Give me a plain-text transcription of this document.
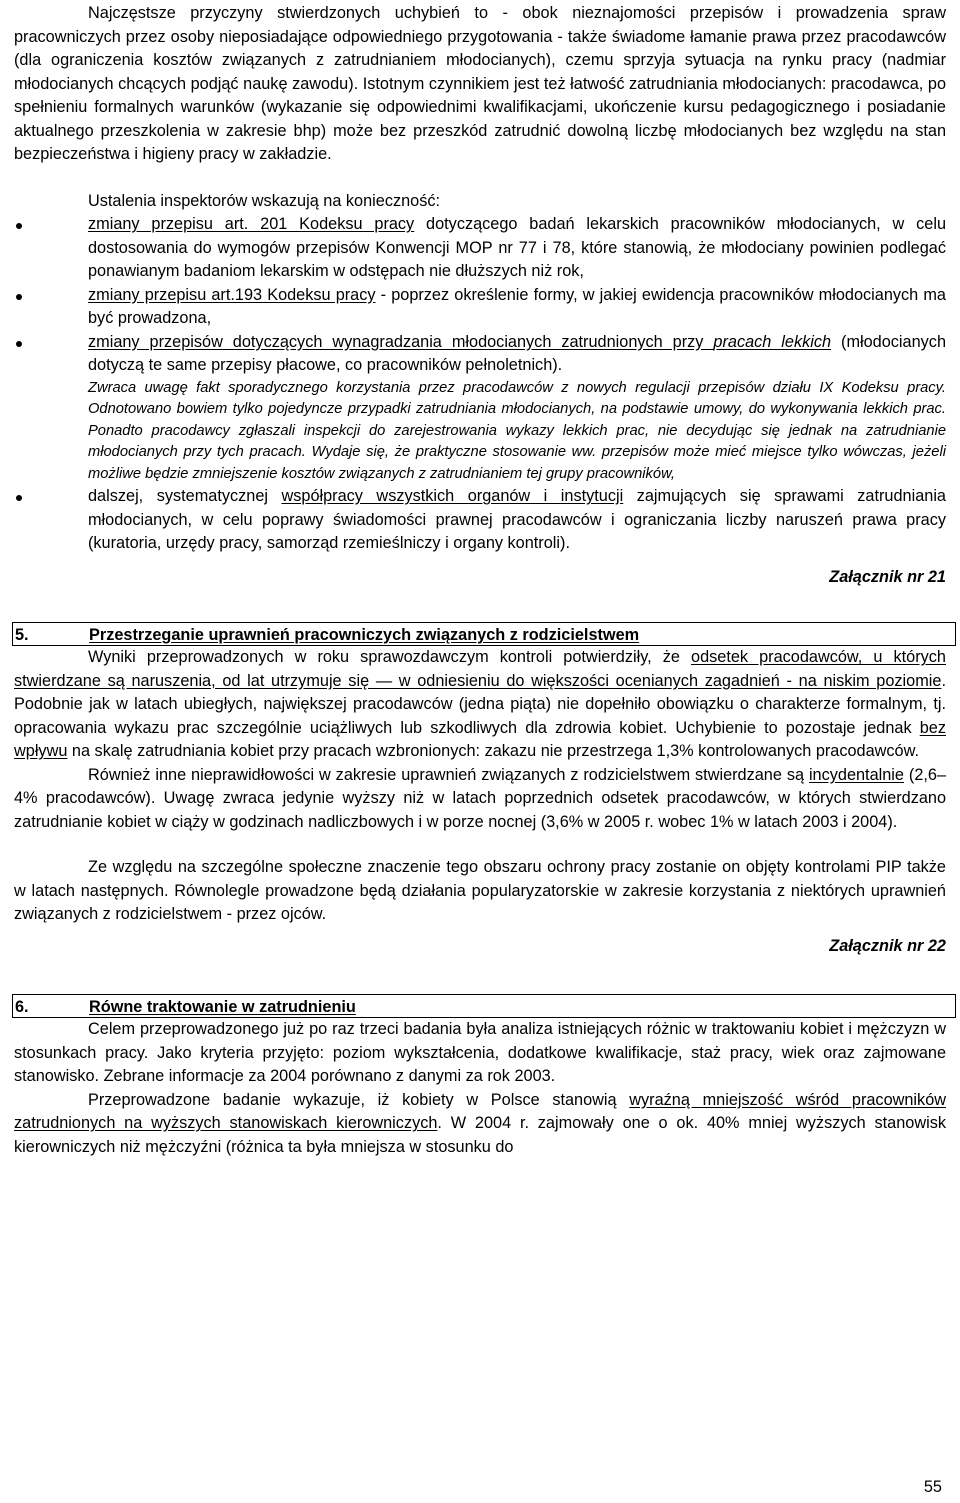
Najczęstsze przyczyny stwierdzonych uchybień to - obok nieznajomości przepisów i prowadzenia spraw pracowniczych przez osoby nieposiadające odpowiedniego przygotowania - także świadome łamanie prawa przez pracodawców (dla ograniczenia kosztów związanych z zatrudnianiem młodocianych), czemu sprzyja sytuacja na rynku pracy (nadmiar młodocianych chcących podjąć naukę zawodu). Istotnym czynnikiem jest też łatwość zatrudniania młodocianych: pracodawca, po spełnieniu formalnych warunków (wykazanie się odpowiednimi kwalifikacjami, ukończenie kursu pedagogicznego i posiadanie aktualnego przeszkolenia w zakresie bhp) może bez przeszkód zatrudnić dowolną liczbę młodocianych bez względu na stan bezpieczeństwa i higieny pracy w zakładzie.

Ustalenia inspektorów wskazują na konieczność:

zmiany przepisu art. 201 Kodeksu pracy dotyczącego badań lekarskich pracowników młodocianych, w celu dostosowania do wymogów przepisów Konwencji MOP nr 77 i 78, które stanowią, że młodociany powinien podlegać ponawianym badaniom lekarskim w odstępach nie dłuższych niż rok,
zmiany przepisu art.193 Kodeksu pracy - poprzez określenie formy, w jakiej ewidencja pracowników młodocianych ma być prowadzona,
zmiany przepisów dotyczących wynagradzania młodocianych zatrudnionych przy pracach lekkich (młodocianych dotyczą te same przepisy płacowe, co pracowników pełnoletnich).

Zwraca uwagę fakt sporadycznego korzystania przez pracodawców z nowych regulacji przepisów działu IX Kodeksu pracy. Odnotowano bowiem tylko pojedyncze przypadki zatrudniania młodocianych, na podstawie umowy, do wykonywania lekkich prac. Ponadto pracodawcy zgłaszali inspekcji do zarejestrowania wykazy lekkich prac, nie decydując się jednak na zatrudnianie młodocianych przy tych pracach. Wydaje się, że praktyczne stosowanie ww. przepisów może mieć miejsce tylko wówczas, jeżeli możliwe będzie zmniejszenie kosztów związanych z zatrudnianiem tej grupy pracowników,

dalszej, systematycznej współpracy wszystkich organów i instytucji zajmujących się sprawami zatrudniania młodocianych, w celu poprawy świadomości prawnej pracodawców i ograniczania liczby naruszeń prawa pracy (kuratoria, urzędy pracy, samorząd rzemieślniczy i organy kontroli).
Załącznik nr 21
5.	Przestrzeganie uprawnień pracowniczych związanych z rodzicielstwem

Wyniki przeprowadzonych w roku sprawozdawczym kontroli potwierdziły, że odsetek pracodawców, u których stwierdzane są naruszenia, od lat utrzymuje się — w odniesieniu do większości ocenianych zagadnień - na niskim poziomie. Podobnie jak w latach ubiegłych, największej pracodawców (jedna piąta) nie dopełniło obowiązku o charakterze formalnym, tj. opracowania wykazu prac szczególnie uciążliwych lub szkodliwych dla zdrowia kobiet. Uchybienie to pozostaje jednak bez wpływu na skalę zatrudniania kobiet przy pracach wzbronionych: zakazu nie przestrzega 1,3% kontrolowanych pracodawców.

Również inne nieprawidłowości w zakresie uprawnień związanych z rodzicielstwem stwierdzane są incydentalnie (2,6–4% pracodawców). Uwagę zwraca jedynie wyższy niż w latach poprzednich odsetek pracodawców, w których stwierdzano zatrudnianie kobiet w ciąży w godzinach nadliczbowych i w porze nocnej (3,6% w 2005 r. wobec 1% w latach 2003 i 2004).

Ze względu na szczególne społeczne znaczenie tego obszaru ochrony pracy zostanie on objęty kontrolami PIP także w latach następnych. Równolegle prowadzone będą działania popularyzatorskie w zakresie korzystania z niektórych uprawnień związanych z rodzicielstwem - przez ojców.

Załącznik nr 22
6.	Równe traktowanie w zatrudnieniu

Celem przeprowadzonego już po raz trzeci badania była analiza istniejących różnic w traktowaniu kobiet i mężczyzn w stosunkach pracy. Jako kryteria przyjęto: poziom wykształcenia, dodatkowe kwalifikacje, staż pracy, wiek oraz zajmowane stanowisko. Zebrane informacje za 2004 porównano z danymi za rok 2003.

Przeprowadzone badanie wykazuje, iż kobiety w Polsce stanowią wyraźną mniejszość wśród pracowników zatrudnionych na wyższych stanowiskach kierowniczych. W 2004 r. zajmowały one o ok. 40% mniej wyższych stanowisk kierowniczych niż mężczyźni (różnica ta była mniejsza w stosunku do

55
